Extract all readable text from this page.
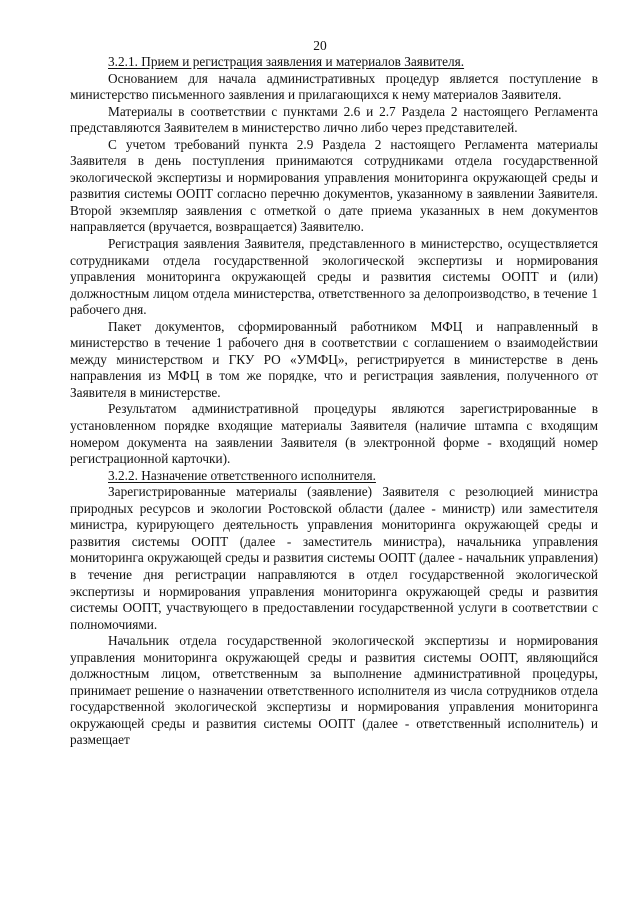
20

3.2.1. Прием и регистрация заявления и материалов Заявителя.

Основанием для начала административных процедур является поступление в министерство письменного заявления и прилагающихся к нему материалов Заявителя.

Материалы в соответствии с пунктами 2.6 и 2.7 Раздела 2 настоящего Регламента представляются Заявителем в министерство лично либо через представителей.

С учетом требований пункта 2.9 Раздела 2 настоящего Регламента материалы Заявителя в день поступления принимаются сотрудниками отдела государственной экологической экспертизы и нормирования управления мониторинга окружающей среды и развития системы ООПТ согласно перечню документов, указанному в заявлении Заявителя. Второй экземпляр заявления с отметкой о дате приема указанных в нем документов направляется (вручается, возвращается) Заявителю.

Регистрация заявления Заявителя, представленного в министерство, осуществляется сотрудниками отдела государственной экологической экспертизы и нормирования управления мониторинга окружающей среды и развития системы ООПТ и (или) должностным лицом отдела министерства, ответственного за делопроизводство, в течение 1 рабочего дня.

Пакет документов, сформированный работником МФЦ и направленный в министерство в течение 1 рабочего дня в соответствии с соглашением о взаимодействии между министерством и ГКУ РО «УМФЦ», регистрируется в министерстве в день направления из МФЦ в том же порядке, что и регистрация заявления, полученного от Заявителя в министерстве.

Результатом административной процедуры являются зарегистрированные в установленном порядке входящие материалы Заявителя (наличие штампа с входящим номером документа на заявлении Заявителя (в электронной форме - входящий номер регистрационной карточки).

3.2.2. Назначение ответственного исполнителя.

Зарегистрированные материалы (заявление) Заявителя с резолюцией министра природных ресурсов и экологии Ростовской области (далее - министр) или заместителя министра, курирующего деятельность управления мониторинга окружающей среды и развития системы ООПТ (далее - заместитель министра), начальника управления мониторинга окружающей среды и развития системы ООПТ (далее - начальник управления) в течение дня регистрации направляются в отдел государственной экологической экспертизы и нормирования управления мониторинга окружающей среды и развития системы ООПТ, участвующего в предоставлении государственной услуги в соответствии с полномочиями.

Начальник отдела государственной экологической экспертизы и нормирования управления мониторинга окружающей среды и развития системы ООПТ, являющийся должностным лицом, ответственным за выполнение административной процедуры, принимает решение о назначении ответственного исполнителя из числа сотрудников отдела государственной экологической экспертизы и нормирования управления мониторинга окружающей среды и развития системы ООПТ (далее - ответственный исполнитель) и размещает
